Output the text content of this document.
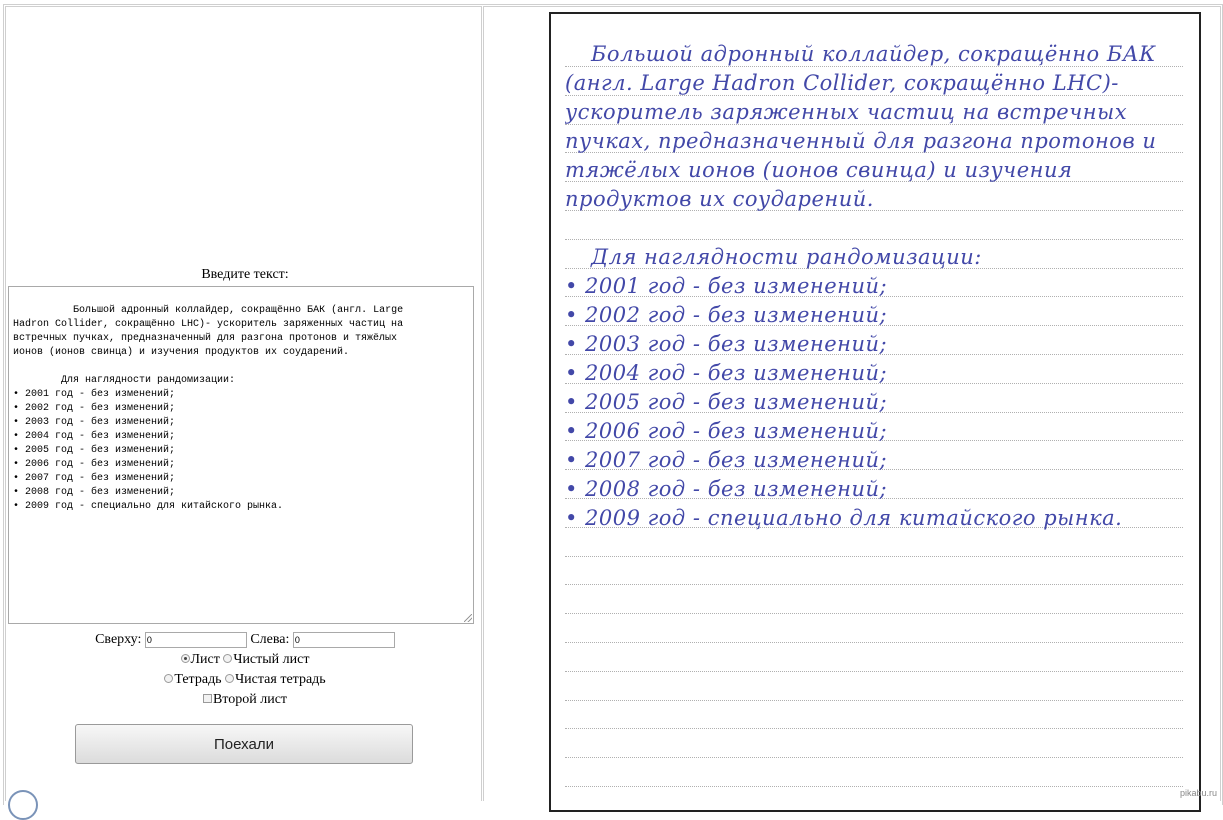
Введите текст:

Большой адронный коллайдер, сокращённо БАК (англ. Large
Hadron Collider, сокращённо LHC)- ускоритель заряженных частиц на
встречных пучках, предназначенный для разгона протонов и тяжёлых
ионов (ионов свинца) и изучения продуктов их соударений.

Для наглядности рандомизации:
• 2001 год - без изменений;
• 2002 год - без изменений;
• 2003 год - без изменений;
• 2004 год - без изменений;
• 2005 год - без изменений;
• 2006 год - без изменений;
• 2007 год - без изменений;
• 2008 год - без изменений;
• 2009 год - специально для китайского рынка.

Сверху: 0	Слева: 0
Лист Чистый лист
Тетрадь Чистая тетрадь
Второй лист
Поехали
Большой адронный коллайдер, сокращённо БАК
(англ. Large Hadron Collider, сокращённо LHC)-
ускоритель заряженных частиц на встречных
пучках, предназначенный для разгона протонов и
тяжёлых ионов (ионов свинца) и изучения
продуктов их соударений.
Для наглядности рандомизации:
• 2001 год - без изменений;
• 2002 год - без изменений;
• 2003 год - без изменений;
• 2004 год - без изменений;
• 2005 год - без изменений;
• 2006 год - без изменений;
• 2007 год - без изменений;
• 2008 год - без изменений;
• 2009 год - специально для китайского рынка.
pikabu.ru
